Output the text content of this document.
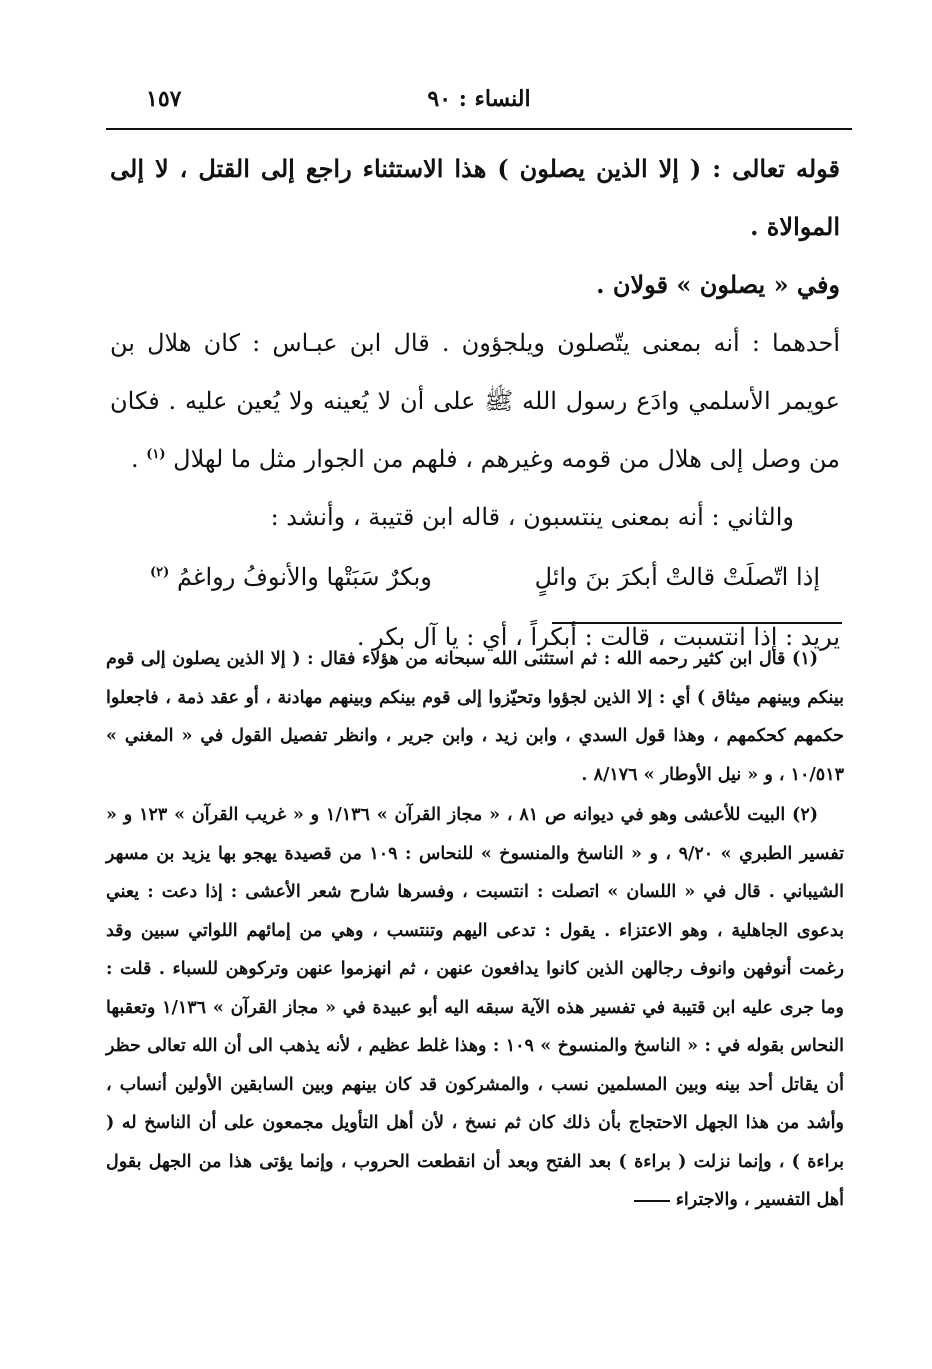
النساء : ٩٠
١٥٧

قوله تعالى : ( إلا الذين يصلون ) هذا الاستثناء راجع إلى القتل ، لا إلى الموالاة .

وفي « يصلون » قولان .

أحدهما : أنه بمعنى يتّصلون ويلجؤون . قال ابن عبـاس : كان هلال بن عويمر الأسلمي وادَع رسول الله ﷺ على أن لا يُعينه ولا يُعين عليه . فكان من وصل إلى هلال من قومه وغيرهم ، فلهم من الجوار مثل ما لهلال $^{(١)}$ .

والثاني : أنه بمعنى ينتسبون ، قاله ابن قتيبة ، وأنشد :

إذا اتّصلَتْ قالتْ أبكرَ بنَ وائلٍ
وبكرٌ سَبَتْها والأنوفُ رواغمُ $^{(٢)}$

يريد : إذا انتسبت ، قالت : أبكراً ، أي : يا آل بكر .

(١) قال ابن كثير رحمه الله : ثم استثنى الله سبحانه من هؤلاء فقال : ( إلا الذين يصلون إلى قوم بينكم وبينهم ميثاق ) أي : إلا الذين لجؤوا وتحيّزوا إلى قوم بينكم وبينهم مهادنة ، أو عقد ذمة ، فاجعلوا حكمهم كحكمهم ، وهذا قول السدي ، وابن زيد ، وابن جرير ، وانظر تفصيل القول في « المغني » ١٠/٥١٣ ، و « نيل الأوطار » ٨/١٧٦ .

(٢) البيت للأعشى وهو في ديوانه ص ٨١ ، « مجاز القرآن » ١/١٣٦ و « غريب القرآن » ١٢٣ و « تفسير الطبري » ٩/٢٠ ، و « الناسخ والمنسوخ » للنحاس : ١٠٩ من قصيدة يهجو بها يزيد بن مسهر الشيباني . قال في « اللسان » اتصلت : انتسبت ، وفسرها شارح شعر الأعشى : إذا دعت : يعني بدعوى الجاهلية ، وهو الاعتزاء . يقول : تدعى اليهم وتنتسب ، وهي من إمائهم اللواتي سبين وقد رغمت أنوفهن وانوف رجالهن الذين كانوا يدافعون عنهن ، ثم انهزموا عنهن وتركوهن للسباء . قلت : وما جرى عليه ابن قتيبة في تفسير هذه الآية سبقه اليه أبو عبيدة في « مجاز القرآن » ١/١٣٦ وتعقبها النحاس بقوله في : « الناسخ والمنسوخ » ١٠٩ : وهذا غلط عظيم ، لأنه يذهب الى أن الله تعالى حظر أن يقاتل أحد بينه وبين المسلمين نسب ، والمشركون قد كان بينهم وبين السابقين الأولين أنساب ، وأشد من هذا الجهل الاحتجاج بأن ذلك كان ثم نسخ ، لأن أهل التأويل مجمعون على أن الناسخ له ( براءة ) ، وإنما نزلت ( براءة ) بعد الفتح وبعد أن انقطعت الحروب ، وإنما يؤتى هذا من الجهل بقول أهل التفسير ، والاجتراء
